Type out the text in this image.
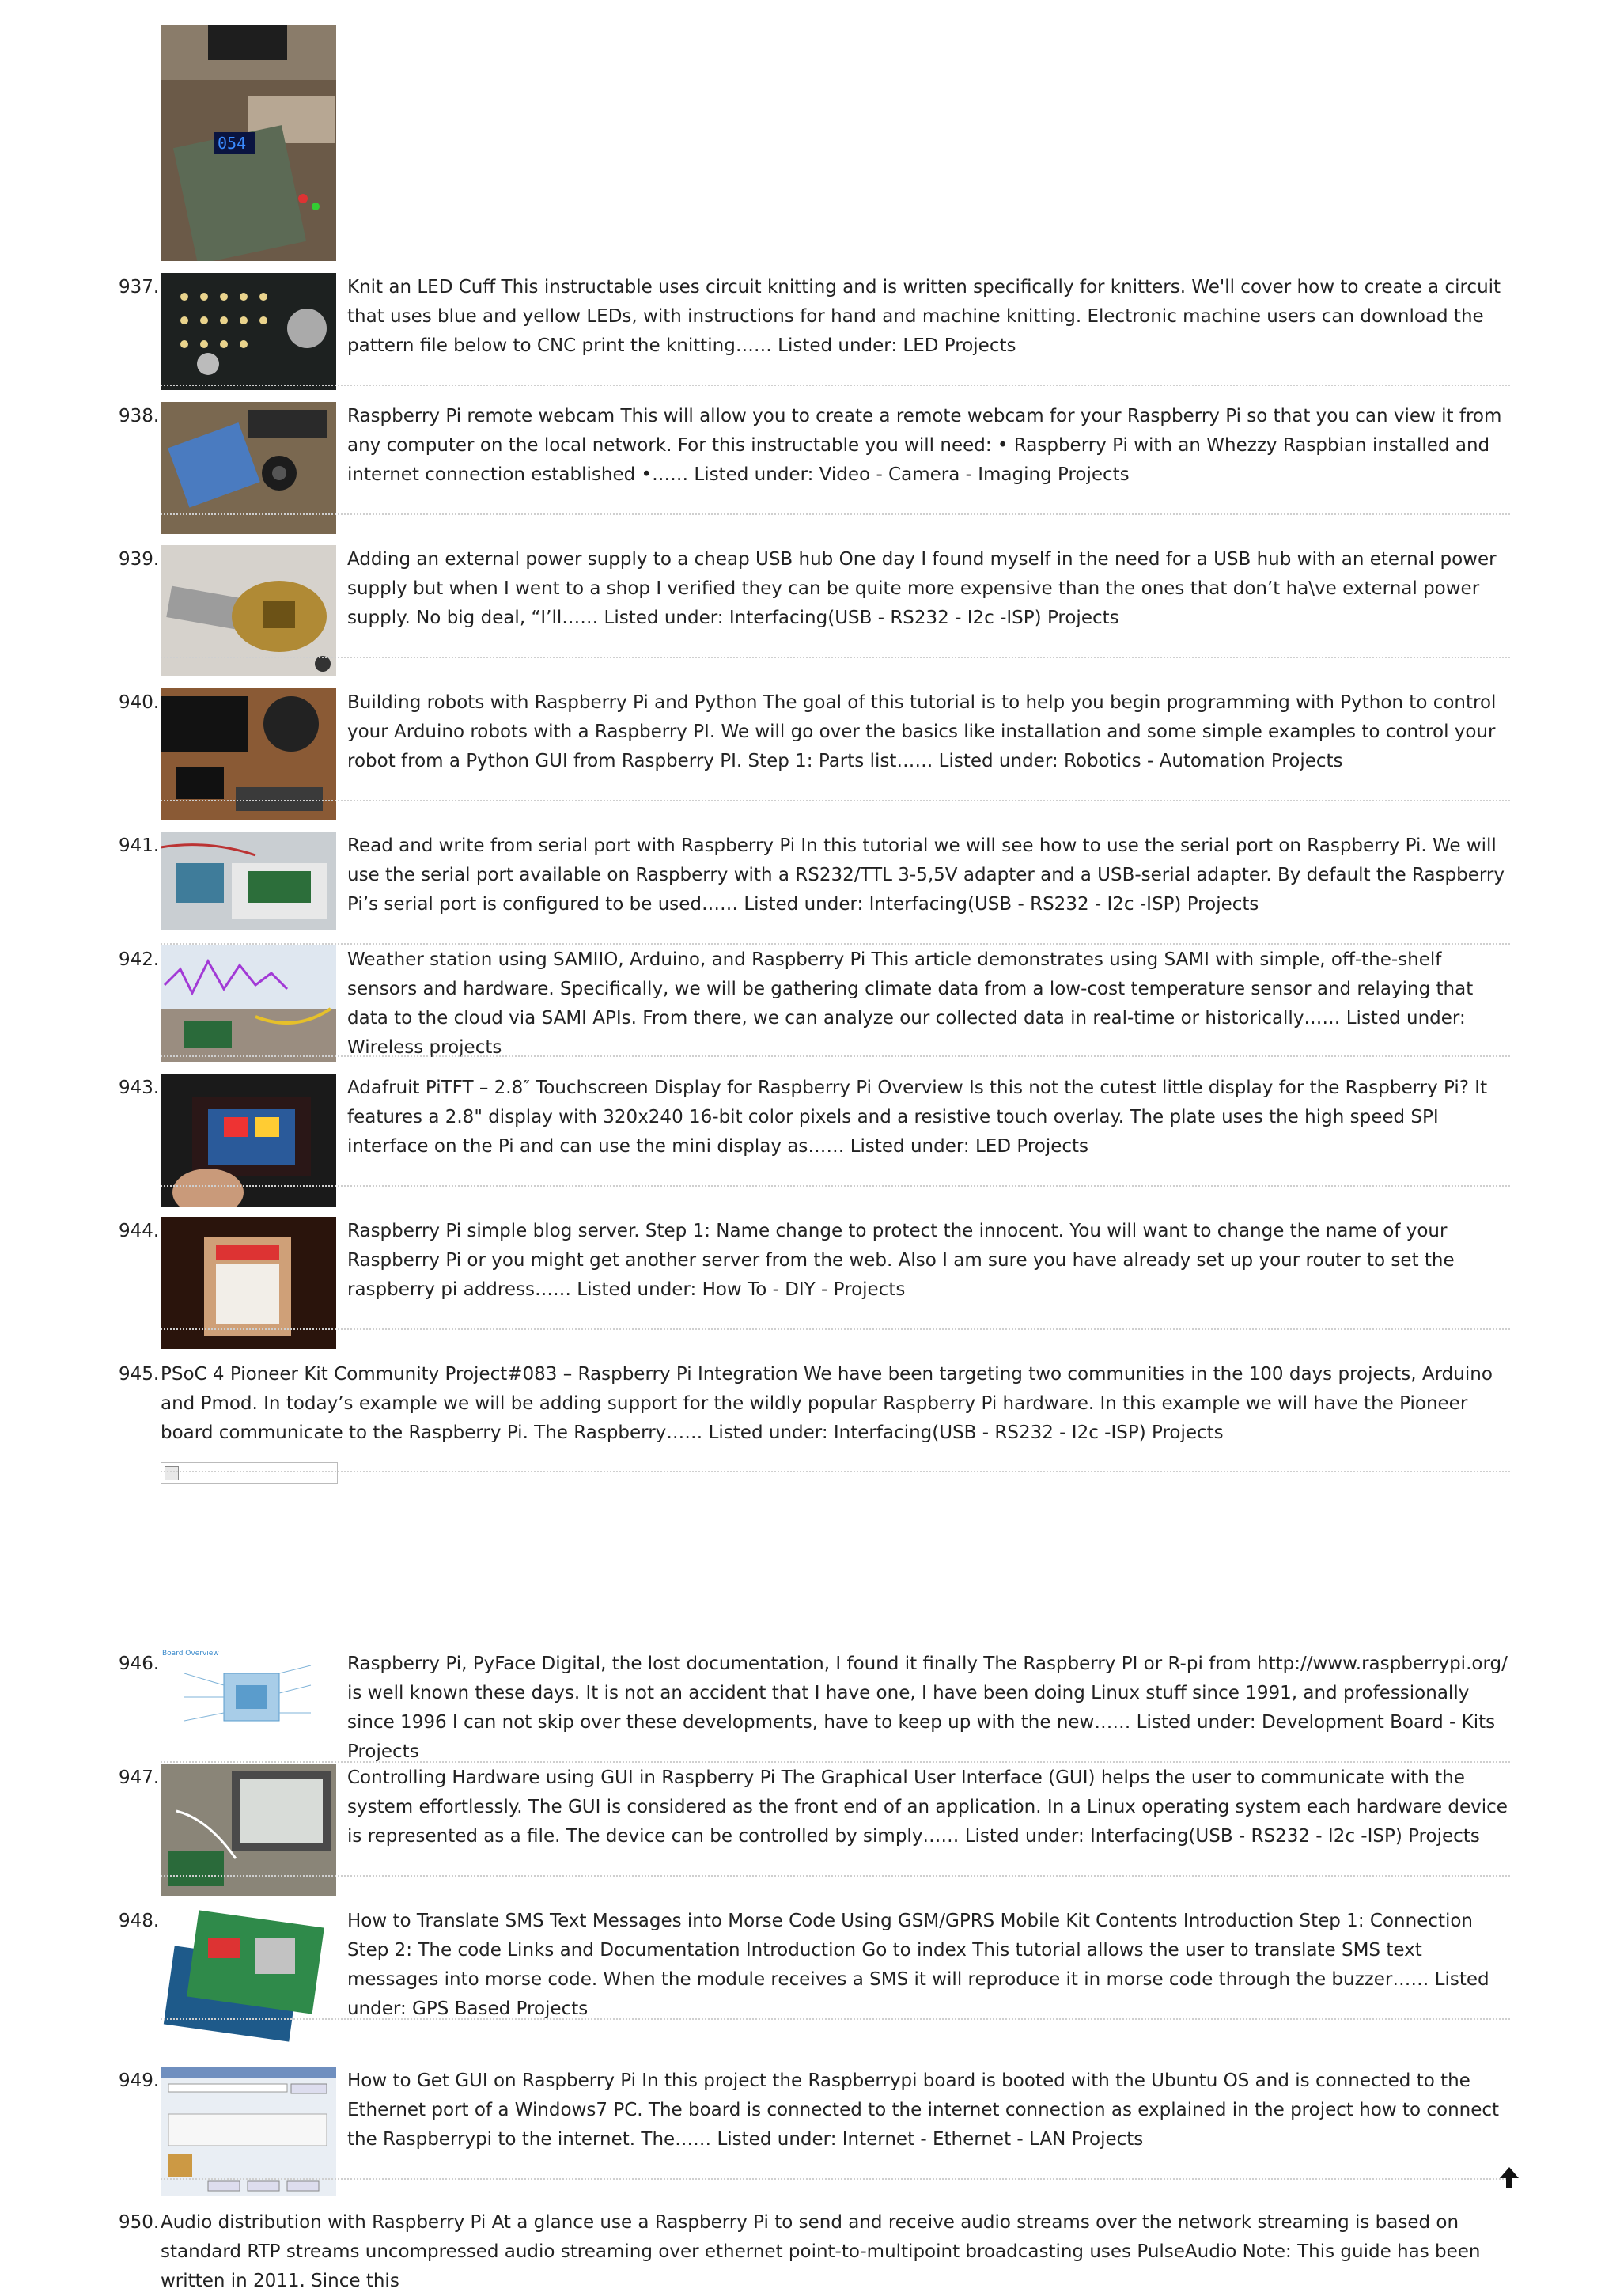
054
937.	Knit an LED Cuff This instructable uses circuit knitting and is written specifically for knitters. We'll cover how to create a circuit that uses blue and yellow LEDs, with instructions for hand and machine knitting. Electronic machine users can download the pattern file below to CNC print the knitting…… Listed under: LED Projects
938.	Raspberry Pi remote webcam This will allow you to create a remote webcam for your Raspberry Pi so that you can view it from any computer on the local network. For this instructable you will need: • Raspberry Pi with an Whezzy Raspbian installed and internet connection established •…… Listed under: Video - Camera - Imaging Projects
939.	Adding an external power supply to a cheap USB hub One day I found myself in the need for a USB hub with an eternal power supply but when I went to a shop I verified they can be quite more expensive than the ones that don’t ha\ve external power supply. No big deal, “I’ll…… Listed under: Interfacing(USB - RS232 - I2c -ISP) Projects
940.	Building robots with Raspberry Pi and Python The goal of this tutorial is to help you begin programming with Python to control your Arduino robots with a Raspberry PI. We will go over the basics like installation and some simple examples to control your robot from a Python GUI from Raspberry PI. Step 1: Parts list…… Listed under: Robotics - Automation Projects
941.	Read and write from serial port with Raspberry Pi In this tutorial we will see how to use the serial port on Raspberry Pi. We will use the serial port available on Raspberry with a RS232/TTL 3-5,5V adapter and a USB-serial adapter. By default the Raspberry Pi’s serial port is configured to be used…… Listed under: Interfacing(USB - RS232 - I2c -ISP) Projects
942.	Weather station using SAMIIO, Arduino, and Raspberry Pi This article demonstrates using SAMI with simple, off-the-shelf sensors and hardware. Specifically, we will be gathering climate data from a low-cost temperature sensor and relaying that data to the cloud via SAMI APIs. From there, we can analyze our collected data in real-time or historically…… Listed under: Wireless projects
943.	Adafruit PiTFT – 2.8″ Touchscreen Display for Raspberry Pi Overview Is this not the cutest little display for the Raspberry Pi? It features a 2.8" display with 320x240 16-bit color pixels and a resistive touch overlay. The plate uses the high speed SPI interface on the Pi and can use the mini display as…… Listed under: LED Projects
944.	Raspberry Pi simple blog server. Step 1: Name change to protect the innocent. You will want to change the name of your Raspberry Pi or you might get another server from the web. Also I am sure you have already set up your router to set the raspberry pi address…… Listed under: How To - DIY - Projects
945. PSoC 4 Pioneer Kit Community Project#083 – Raspberry Pi Integration We have been targeting two communities in the 100 days projects, Arduino and Pmod. In today’s example we will be adding support for the wildly popular Raspberry Pi hardware. In this example we will have the Pioneer board communicate to the Raspberry Pi. The Raspberry…… Listed under: Interfacing(USB - RS232 - I2c -ISP) Projects
946. Board Overview	Raspberry Pi, PyFace Digital, the lost documentation, I found it finally The Raspberry PI or R-pi from http://www.raspberrypi.org/ is well known these days. It is not an accident that I have one, I have been doing Linux stuff since 1991, and professionally since 1996 I can not skip over these developments, have to keep up with the new…… Listed under: Development Board - Kits Projects
947.	Controlling Hardware using GUI in Raspberry Pi The Graphical User Interface (GUI) helps the user to communicate with the system effortlessly. The GUI is considered as the front end of an application. In a Linux operating system each hardware device is represented as a file. The device can be controlled by simply…… Listed under: Interfacing(USB - RS232 - I2c -ISP) Projects
948.	How to Translate SMS Text Messages into Morse Code Using GSM/GPRS Mobile Kit Contents Introduction Step 1: Connection Step 2: The code Links and Documentation Introduction Go to index This tutorial allows the user to translate SMS text messages into morse code. When the module receives a SMS it will reproduce it in morse code through the buzzer…… Listed under: GPS Based Projects
949.	How to Get GUI on Raspberry Pi In this project the Raspberrypi board is booted with the Ubuntu OS and is connected to the Ethernet port of a Windows7 PC. The board is connected to the internet connection as explained in the project how to connect the Raspberrypi to the internet. The…… Listed under: Internet - Ethernet - LAN Projects
950. Audio distribution with Raspberry Pi At a glance use a Raspberry Pi to send and receive audio streams over the network streaming is based on standard RTP streams uncompressed audio streaming over ethernet point-to-multipoint broadcasting uses PulseAudio Note: This guide has been written in 2011. Since this
